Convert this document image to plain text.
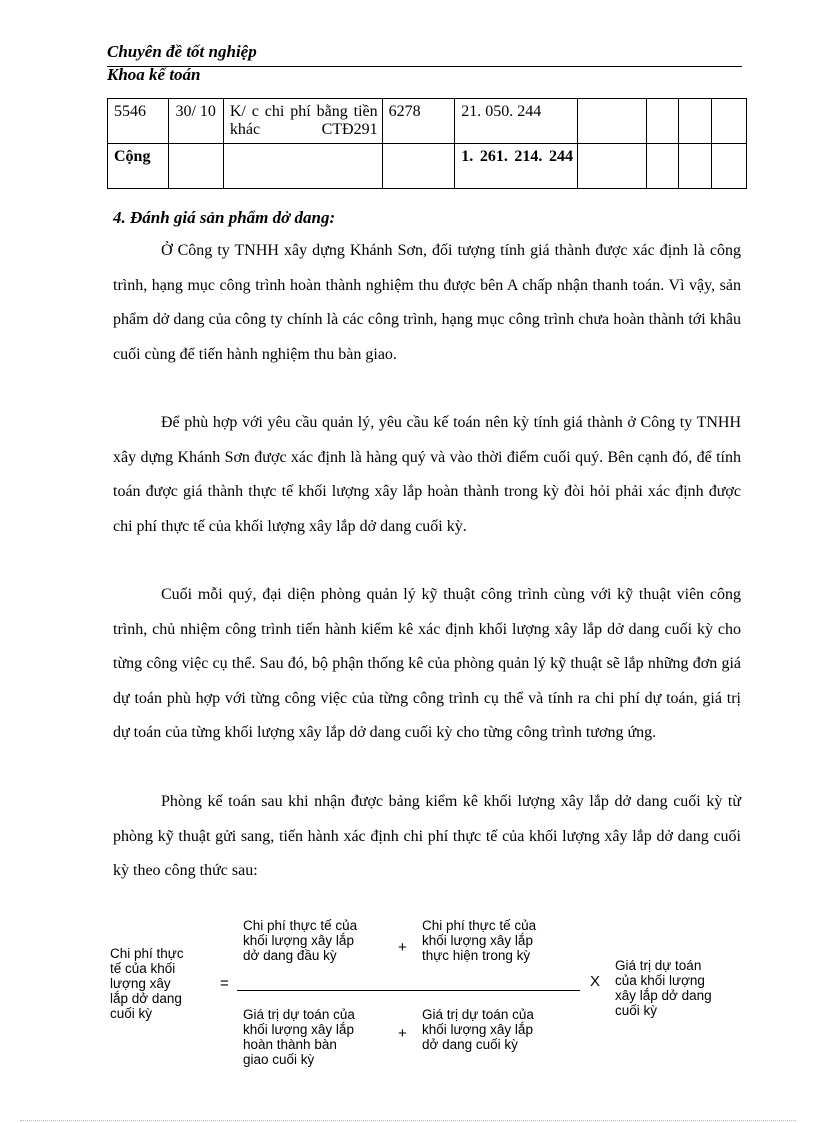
Chuyên đề tốt nghiệp
Khoa kế toán
5546	30/ 10	K/ c chi phí bằng tiền khác CTĐ291	6278	21. 050. 244				
Cộng				1. 261. 214. 244				
4. Đánh giá sản phẩm dở dang:
Ở Công ty TNHH xây dựng Khánh Sơn, đối tượng tính giá thành được xác định là công trình, hạng mục công trình hoàn thành nghiệm thu được bên A chấp nhận thanh toán. Vì vậy, sản phẩm dở dang của công ty chính là các công trình, hạng mục công trình chưa hoàn thành tới khâu cuối cùng để tiến hành nghiệm thu bàn giao.
Để phù hợp với yêu cầu quản lý, yêu cầu kế toán nên kỳ tính giá thành ở Công ty TNHH xây dựng Khánh Sơn được xác định là hàng quý và vào thời điểm cuối quý. Bên cạnh đó, để tính toán được giá thành thực tế khối lượng xây lắp hoàn thành trong kỳ đòi hỏi phải xác định được chi phí thực tế của khối lượng xây lắp dở dang cuối kỳ.
Cuối mỗi quý, đại diện phòng quản lý kỹ thuật công trình cùng với kỹ thuật viên công trình, chủ nhiệm công trình tiến hành kiểm kê xác định khối lượng xây lắp dở dang cuối kỳ cho từng công việc cụ thể. Sau đó, bộ phận thống kê của phòng quản lý kỹ thuật sẽ lắp những đơn giá dự toán phù hợp với từng công việc của từng công trình cụ thể và tính ra chi phí dự toán, giá trị dự toán của từng khối lượng xây lắp dở dang cuối kỳ cho từng công trình tương ứng.
Phòng kế toán sau khi nhận được bảng kiểm kê khối lượng xây lắp dở dang cuối kỳ từ phòng kỹ thuật gửi sang, tiến hành xác định chi phí thực tế của khối lượng xây lắp dở dang cuối kỳ theo công thức sau:
Chi phí thực
tế của khối
lượng xây
lắp dở dang
cuối kỳ
=
Chi phí thực tế của
khối lượng xây lắp
dở dang đầu kỳ	+
Chi phí thực tế của
khối lượng xây lắp
thực hiện trong kỳ
Giá trị dự toán của
khối lượng xây lắp
hoàn thành bàn
giao cuối kỳ
+
Giá trị dự toán của
khối lượng xây lắp
dở dang cuối kỳ
X
Giá trị dự toán
của khối lượng
xây lắp dở dang
cuối kỳ
